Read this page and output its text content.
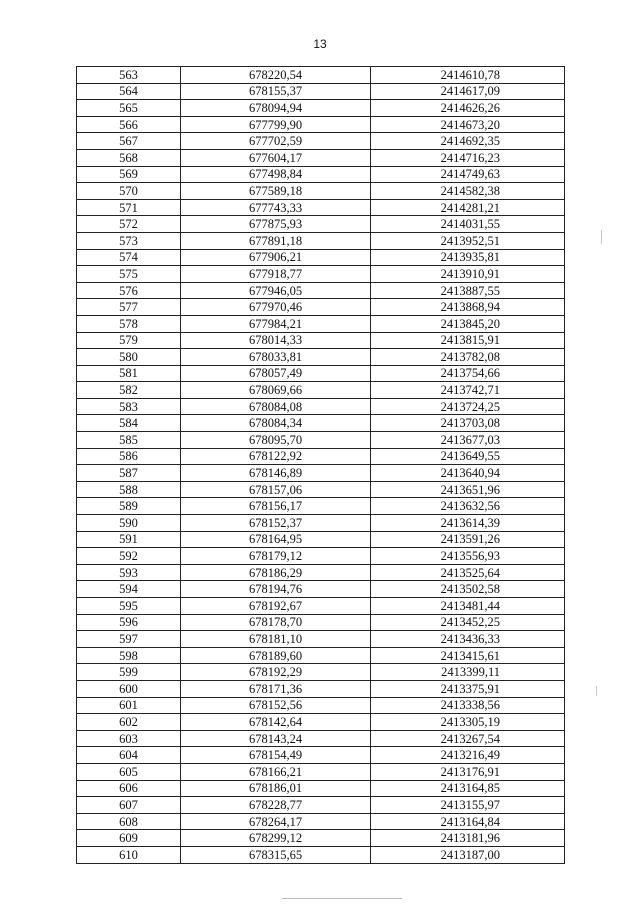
13
563	678220,54	2414610,78
564	678155,37	2414617,09
565	678094,94	2414626,26
566	677799,90	2414673,20
567	677702,59	2414692,35
568	677604,17	2414716,23
569	677498,84	2414749,63
570	677589,18	2414582,38
571	677743,33	2414281,21
572	677875,93	2414031,55
573	677891,18	2413952,51
574	677906,21	2413935,81
575	677918,77	2413910,91
576	677946,05	2413887,55
577	677970,46	2413868,94
578	677984,21	2413845,20
579	678014,33	2413815,91
580	678033,81	2413782,08
581	678057,49	2413754,66
582	678069,66	2413742,71
583	678084,08	2413724,25
584	678084,34	2413703,08
585	678095,70	2413677,03
586	678122,92	2413649,55
587	678146,89	2413640,94
588	678157,06	2413651,96
589	678156,17	2413632,56
590	678152,37	2413614,39
591	678164,95	2413591,26
592	678179,12	2413556,93
593	678186,29	2413525,64
594	678194,76	2413502,58
595	678192,67	2413481,44
596	678178,70	2413452,25
597	678181,10	2413436,33
598	678189,60	2413415,61
599	678192,29	2413399,11
600	678171,36	2413375,91
601	678152,56	2413338,56
602	678142,64	2413305,19
603	678143,24	2413267,54
604	678154,49	2413216,49
605	678166,21	2413176,91
606	678186,01	2413164,85
607	678228,77	2413155,97
608	678264,17	2413164,84
609	678299,12	2413181,96
610	678315,65	2413187,00
